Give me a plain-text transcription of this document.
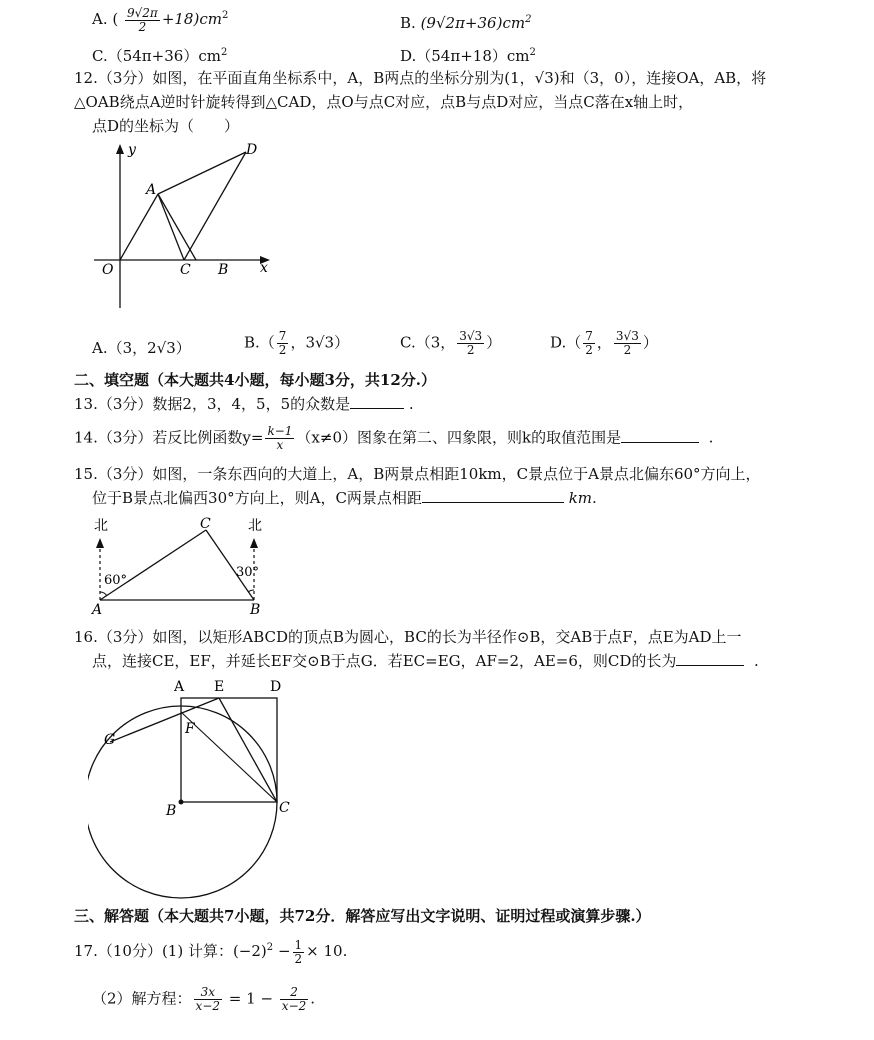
A. ( $\frac{9√2\pi}{2} +18)cm^2$	B. $(9√2\pi+36)cm^2$
$C.(54\pi+36)cm^2$	$D.(54\pi+18)cm^2$
12.（3分）如图，在平面直角坐标系中，A，B两点的坐标分别为(1，√3)和（3，0），连接OA，AB，将
△OAB绕点A逆时针旋转得到△CAD，点O与点C对应，点B与点D对应，当点C落在x轴上时，
点D的坐标为（　　）
y
x
O
A
C B
D
A.（3，2√3）	$B.( \frac{7}{2}$ ，3√3）	C.（3， $\frac{3√3}{2}$ ）	$D.( \frac{7}{2}$ ， $\frac{3√3}{2}$ ）
二、填空题（本大题共4小题，每小题3分，共12分.）
13.（3分）数据2，3，4，5，5的众数是	.
14.（3分）若反比例函数$y= \frac{k-1}{x} (x\ne 0)$图象在第二、四象限，则k的取值范围是	.
15.（3分）如图，一条东西向的大道上，A，B两景点相距10km，C景点位于A景点北偏东60°方向上，
位于B景点北偏西30°方向上，则A，C两景点相距	km.
北	北
C
A	B
60°
30°
16.（3分）如图，以矩形ABCD的顶点B为圆心，BC的长为半径作⊙B，交AB于点F，点E为AD上一
点，连接CE，EF，并延长EF交⊙B于点G．若EC=EG，AF=2，AE=6，则CD的长为	.
A E	D
G
F
B	C
三、解答题（本大题共7小题，共72分．解答应写出文字说明、证明过程或演算步骤.）
17.（10分）(1) 计算：$(-2)^2 - \frac{1}{2} \times 10$.
（2）解方程： $\frac{3x}{x-2} = 1 - \frac{2}{x-2}$ .
